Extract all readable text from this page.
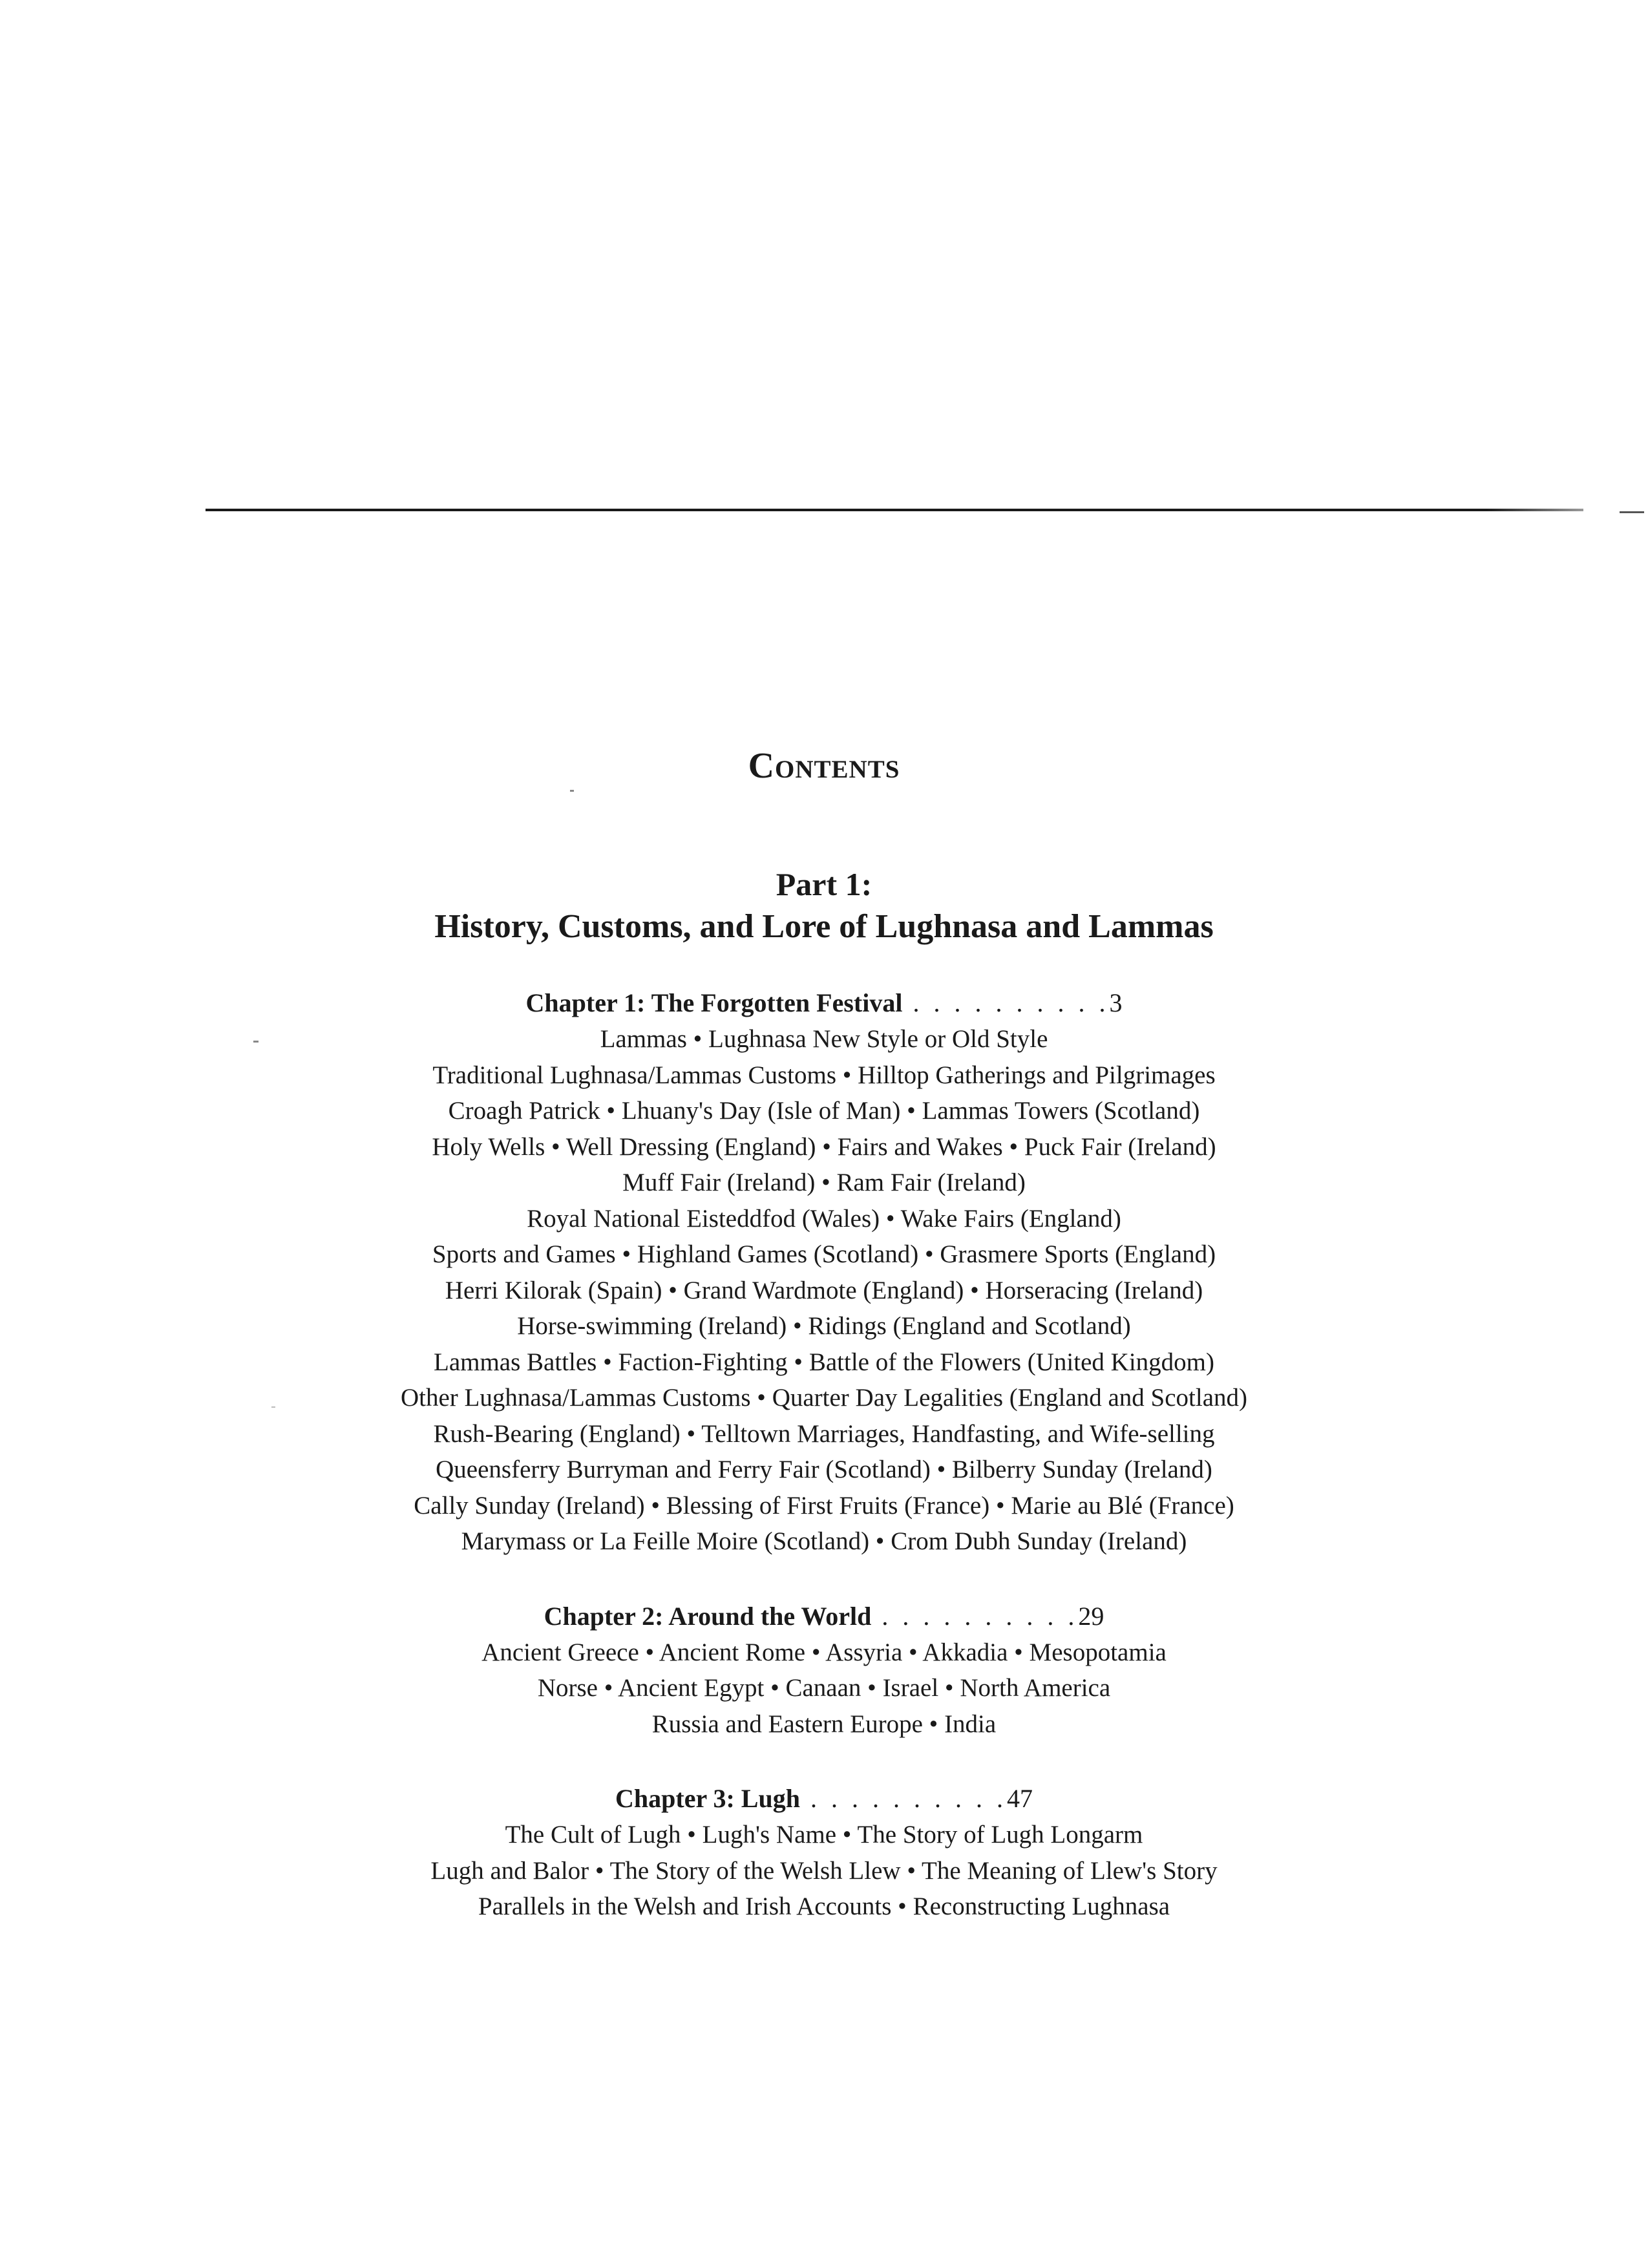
Contents
Part 1:
History, Customs, and Lore of Lughnasa and Lammas

Chapter 1: The Forgotten Festival . . . . . . . . . .3

Lammas • Lughnasa New Style or Old Style

Traditional Lughnasa/Lammas Customs • Hilltop Gatherings and Pilgrimages

Croagh Patrick • Lhuany's Day (Isle of Man) • Lammas Towers (Scotland)

Holy Wells • Well Dressing (England) • Fairs and Wakes • Puck Fair (Ireland)

Muff Fair (Ireland) • Ram Fair (Ireland)

Royal National Eisteddfod (Wales) • Wake Fairs (England)

Sports and Games • Highland Games (Scotland) • Grasmere Sports (England)

Herri Kilorak (Spain) • Grand Wardmote (England) • Horseracing (Ireland)

Horse-swimming (Ireland) • Ridings (England and Scotland)

Lammas Battles • Faction-Fighting • Battle of the Flowers (United Kingdom)

Other Lughnasa/Lammas Customs • Quarter Day Legalities (England and Scotland)

Rush-Bearing (England) • Telltown Marriages, Handfasting, and Wife-selling

Queensferry Burryman and Ferry Fair (Scotland) • Bilberry Sunday (Ireland)

Cally Sunday (Ireland) • Blessing of First Fruits (France) • Marie au Blé (France)

Marymass or La Feille Moire (Scotland) • Crom Dubh Sunday (Ireland)

Chapter 2: Around the World . . . . . . . . . .29

Ancient Greece • Ancient Rome • Assyria • Akkadia • Mesopotamia

Norse • Ancient Egypt • Canaan • Israel • North America

Russia and Eastern Europe • India

Chapter 3: Lugh . . . . . . . . . .47

The Cult of Lugh • Lugh's Name • The Story of Lugh Longarm

Lugh and Balor • The Story of the Welsh Llew • The Meaning of Llew's Story

Parallels in the Welsh and Irish Accounts • Reconstructing Lughnasa
